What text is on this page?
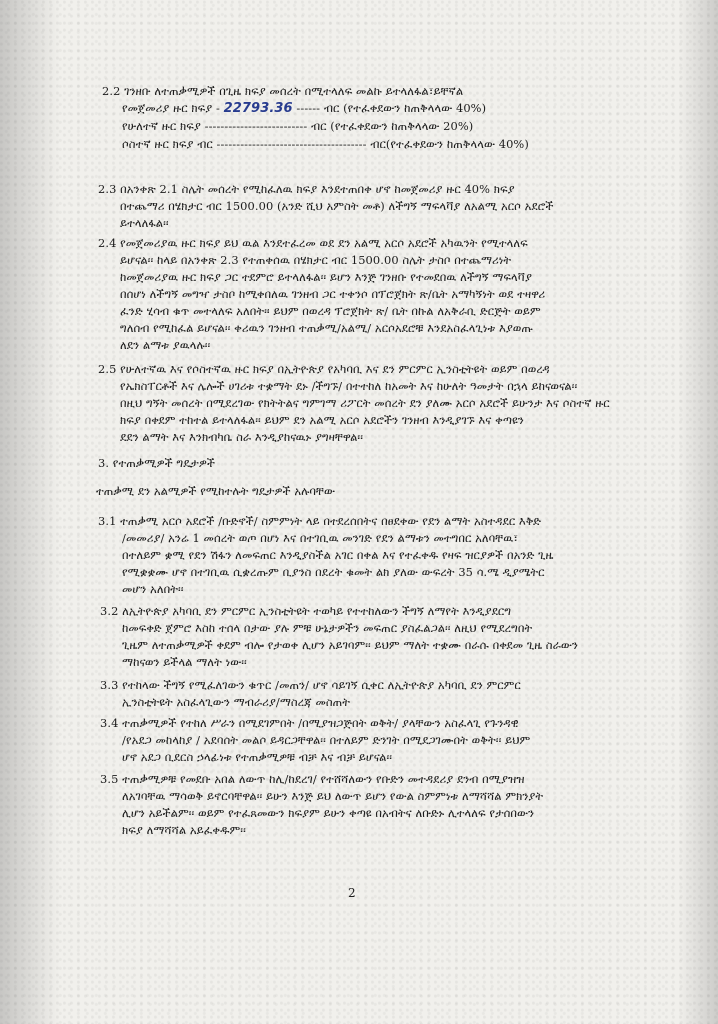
2.2 ገንዘቡ ለተጠቃሚዎች በጊዜ ክፍያ መሰረት በሚተላለፍ መልኩ ይተላለፋል፣ይቸኛል
የመጀመሪያ ዙር ክፍያ - 22793.36 ------ ብር (የተፈቀደውን ከጠቅላላው 40%)
የሁለተኛ ዙር ክፍያ -------------------------- ብር (የተፈቀደውን ከጠቅላላው 20%)
ሶስተኛ ዙር ክፍያ ብር -------------------------------------- ብር(የተፈቀደውን ከጠቅላላው 40%)
2.3 በአንቀጽ 2.1 ስሌት መሰረት የሚከፈለዉ ክፍያ እንደተጠበቀ ሆኖ ከመጀመሪያ ዙር 40% ክፍያ
በተጨማሪ በሄክታር ብር 1500.00 (አንድ ሺህ አምስት መቶ) ለችግኝ ማፍላቫያ ለአልሚ አርሶ አደሮች
ይተላለፋል፡፡
2.4 የመጀመሪያዉ ዙር ክፍያ ይህ ዉል እንደተፈረመ ወደ ደን አልሚ አርሶ አደሮች አካዉንት የሚተላለፍ
ይሆናል፡፡ ከላይ በአንቀጽ 2.3 የተጠቀሰዉ በሄክታር ብር 1500.00 ስሌት ታስቦ በተጨማሪነት
ከመጀመሪያዉ ዙር ክፍያ ጋር ተደምሮ ይተላለፋል፡፡ ይሆን እንጅ ገንዘቡ የተመደበዉ ለችግኝ ማፍላቫያ
በሰሆነ ለችግኝ መግዣ ታስቦ ከሚቀበለዉ ገንዘብ ጋር ተቀንሶ በፕሮጀክት ጽ/ቤት አማካኝነት ወደ ተዛዋሪ
ፈንድ ሂሳብ ቁጥ መተላለፍ አለበት፡፡ ይህም በወረዳ ፕሮጀክት ጽ/ ቤት በኩል ለአቅራቢ ድርጅት ወይም
ግለሰብ የሚከፈል ይሆናል፡፡ ቀሪዉን ገንዘብ ተጠቃሚ/አልሚ/ አርሶአደሮቹ እንደአስፈላጊነቱ እያወጡ
ለደን ልማቱ ያዉላሉ፡፡
2.5 የሁለተኛዉ እና የሶስተኛዉ ዙር ክፍያ በኢትዮጵያ የአካባቢ እና ደን ምርምር ኢንስቲትዩት ወይም በወረዳ
የኤክስፐርቶች እና ሌሎች ሀገሪቱ ተቋማት ደኑ /ችግኙ/ በተተከለ ከአመት እና ከሁለት ዓመታት በኋላ ይከናወናል፡፡
በዚህ ግኝት መሰረት በሚደረገው የክትትልና ግምገማ ሪፖርት መሰረት ደን ያለሙ አርሶ አደሮች ይሁንታ እና ሶስተኛ ዙር
ክፍያ በቀደም ተከተል ይተላለፋል፡፡ ይህም ደን አልሚ አርሶ አደሮችን ገንዘብ እንዲያገኙ እና ቀጣዩን
ደደን ልማት እና እንክብካቤ ስራ እንዲያከናዉኑ ያግዛቸዋል፡፡
3. የተጠቃሚዎች ግዴታዎች
ተጠቃሚ ደን አልሚዎች የሚከተሉት ግዴታዎች አሉባቸው
3.1 ተጠቃሚ አርሶ አደሮች /ቡድኖች/ ስምምነት ላይ በተደረሰበትና በፀደቀው የደን ልማት አስተዳደር እቅድ
/መመሪያ/ አንሬ 1 መሰረት ወጦ በሆነ እና በተገቢዉ መንገድ የደን ልማቱን መተግበር አለባቸዉ፣
በተለይም ቋሚ የደን ሽፋን ለመፍጠር እንዲያስችል አገር በቀል እና የተፈቀዱ የዛፍ ዝርያዎች በአንድ ጊዜ
የሚቋቋሙ ሆኖ በተገቢዉ ሲቋረጡም ቢያንስ በደረት ቁመት ልክ ያለው ውፍረት 35 ሳ.ሜ ዲያሜትር
መሆን አለበት፡፡
3.2 ለኢትዮጵያ አካባቢ ደን ምርምር ኢንስቲትዩት ተወካይ የተተከለውን ችግኝ ለማየት እንዲያደርግ
ከመፍቀድ ጀምሮ እስከ ተሰላ በታው ያሉ ምቹ ሁኔታዎችን መፍጠር ያስፈልጋል፡፡ ለዚህ የሚደረግበት
ጊዜም ለተጠቃሚዎች ቀደም ብሎ የታወቀ ሊሆን አይገባም፡፡ ይህም ማለት ተቋሙ በራሱ በቀደመ ጊዜ ስራውን
ማከናወን ይችላል ማለት ነው፡፡
3.3 የተከላው ችግኝ የሚፈለገውን ቁጥር /መጠን/ ሆኖ ሳይገኝ ሲቀር ለኢትዮጵያ አካባቢ ደን ምርምር
ኢንስቲትዩት አስፈላጊውን ማብራሪያ/ማስረጃ መስጠት
3.4 ተጠቃሚዎች የተከለ ሥራን በሚደገምበት /በሚያዝጋጅበት ወቅት/ ያላቸውን አስፈላጊ የጉንዳዊ
/የአደጋ መከላከያ / አደባሰት መልሶ ይዳርጋቸዋል፡፡ በተለይም ድንገት በሚደጋገሙበት ወቅት፡፡ ይህም
ሆኖ አደጋ ቢደርስ ኃላፊነቱ የተጠቃሚዎቹ ብቻ እና ብቻ ይሆናል፡፡
3.5 ተጠቃሚዎቹ የመደቡ አበል ለውጥ ከሊ/ከደረገ/ የተሸሻለውን የቡድን መተዳደሪያ ደንብ በሚያዝዝ
ለአገባቸዉ ማሳወቅ ይኖርባቸዋል፡፡ ይሁን እንጅ ይህ ለውጥ ይሆን የውል ስምምነቱ ለማሻሻል ምክንያት
ሊሆን አይችልም፡፡ ወይም የተፈጸመውን ክፍያም ይሁን ቀጣዩ በአብትና ለቡድኑ ሊተላለፍ የታሰበውን
ክፍያ ለማሻሻል አይፈቀዱም፡፡
2
